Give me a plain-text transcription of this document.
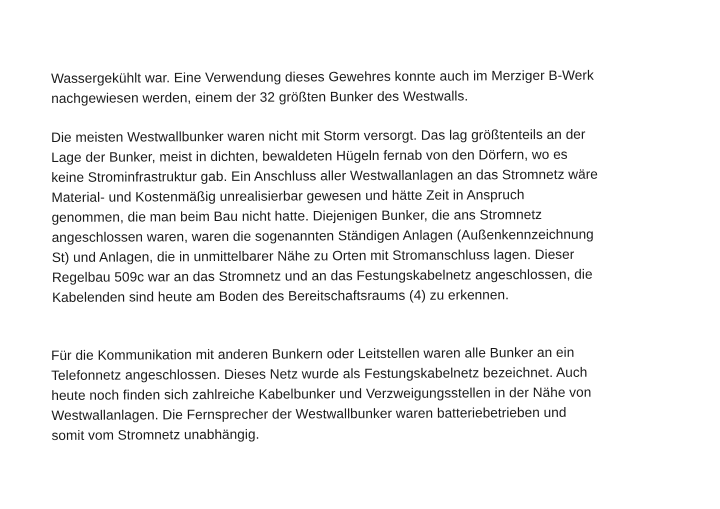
Wassergekühlt war. Eine Verwendung dieses Gewehres konnte auch im Merziger B-Werk
nachgewiesen werden, einem der 32 größten Bunker des Westwalls.

Die meisten Westwallbunker waren nicht mit Storm versorgt. Das lag größtenteils an der
Lage der Bunker, meist in dichten, bewaldeten Hügeln fernab von den Dörfern, wo es
keine Strominfrastruktur gab. Ein Anschluss aller Westwallanlagen an das Stromnetz wäre
Material- und Kostenmäßig unrealisierbar gewesen und hätte Zeit in Anspruch
genommen, die man beim Bau nicht hatte. Diejenigen Bunker, die ans Stromnetz
angeschlossen waren, waren die sogenannten Ständigen Anlagen (Außenkennzeichnung
St) und Anlagen, die in unmittelbarer Nähe zu Orten mit Stromanschluss lagen. Dieser
Regelbau 509c war an das Stromnetz und an das Festungskabelnetz angeschlossen, die
Kabelenden sind heute am Boden des Bereitschaftsraums (4) zu erkennen.

Für die Kommunikation mit anderen Bunkern oder Leitstellen waren alle Bunker an ein
Telefonnetz angeschlossen. Dieses Netz wurde als Festungskabelnetz bezeichnet. Auch
heute noch finden sich zahlreiche Kabelbunker und Verzweigungsstellen in der Nähe von
Westwallanlagen. Die Fernsprecher der Westwallbunker waren batteriebetrieben und
somit vom Stromnetz unabhängig.
